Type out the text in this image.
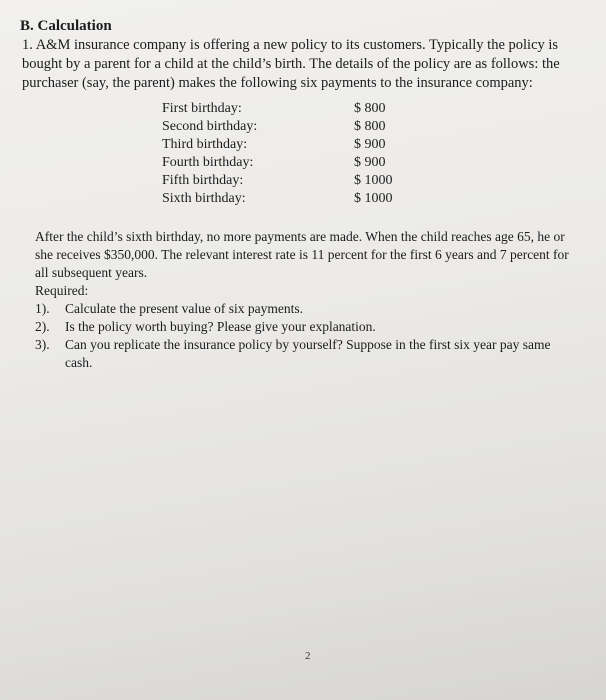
B. Calculation

1. A&M insurance company is offering a new policy to its customers. Typically the policy is bought by a parent for a child at the child’s birth. The details of the policy are as follows: the purchaser (say, the parent) makes the following six payments to the insurance company:

First birthday:	$ 800
Second birthday:	$ 800
Third birthday:	$ 900
Fourth birthday:	$ 900
Fifth birthday:	$ 1000
Sixth birthday:	$ 1000

After the child’s sixth birthday, no more payments are made. When the child reaches age 65, he or she receives $350,000. The relevant interest rate is 11 percent for the first 6 years and 7 percent for all subsequent years.

Required:

1).	Calculate the present value of six payments.
2).	Is the policy worth buying? Please give your explanation.
3).	Can you replicate the insurance policy by yourself? Suppose in the first six year pay same cash.
2
